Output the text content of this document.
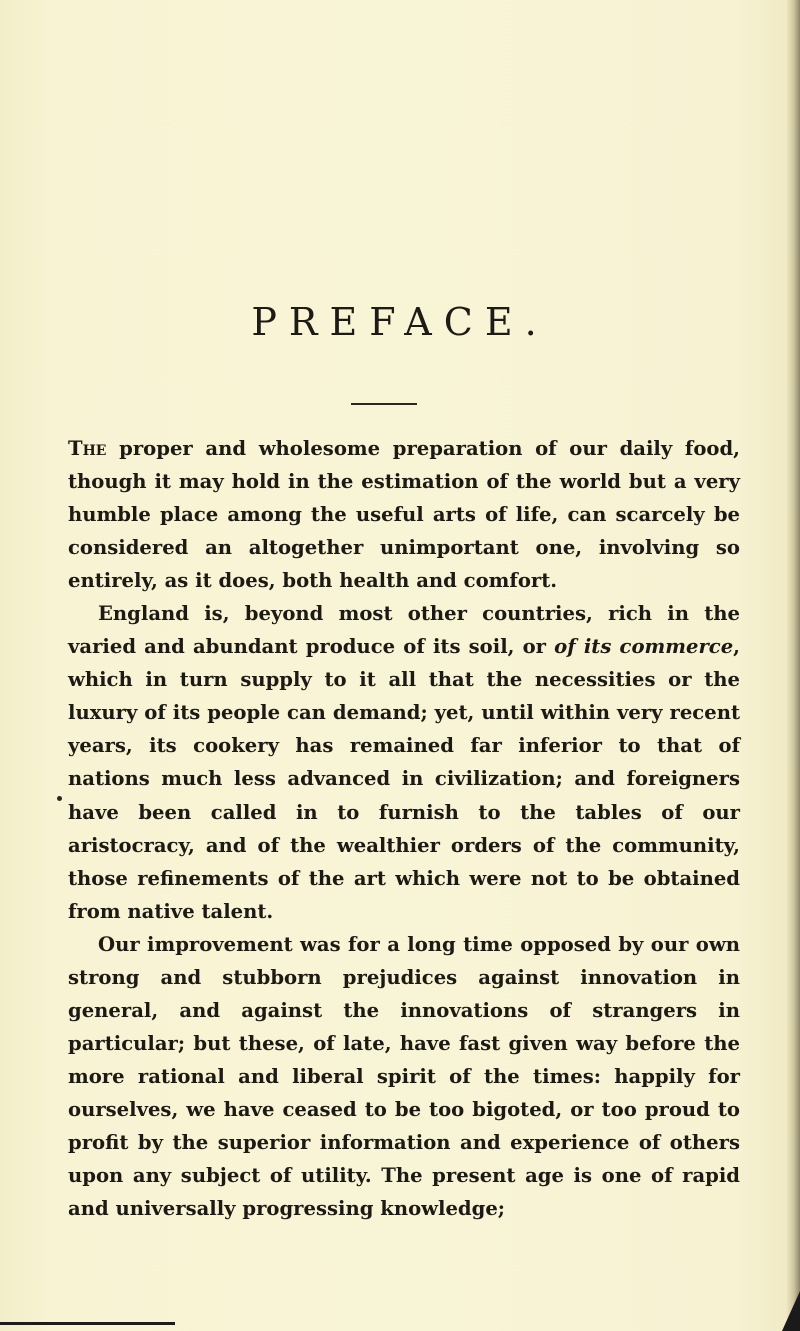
PREFACE.

The proper and wholesome preparation of our daily food, though it may hold in the estimation of the world but a very humble place among the useful arts of life, can scarcely be considered an altogether unimportant one, involving so entirely, as it does, both health and comfort.

England is, beyond most other countries, rich in the varied and abundant produce of its soil, or of its commerce, which in turn supply to it all that the necessities or the luxury of its people can demand; yet, until within very recent years, its cookery has remained far inferior to that of nations much less advanced in civilization; and foreigners have been called in to furnish to the tables of our aristocracy, and of the wealthier orders of the community, those refinements of the art which were not to be obtained from native talent.

Our improvement was for a long time opposed by our own strong and stubborn prejudices against innovation in general, and against the innovations of strangers in particular; but these, of late, have fast given way before the more rational and liberal spirit of the times: happily for ourselves, we have ceased to be too bigoted, or too proud to profit by the superior information and experience of others upon any subject of utility. The present age is one of rapid and universally progressing knowledge;
